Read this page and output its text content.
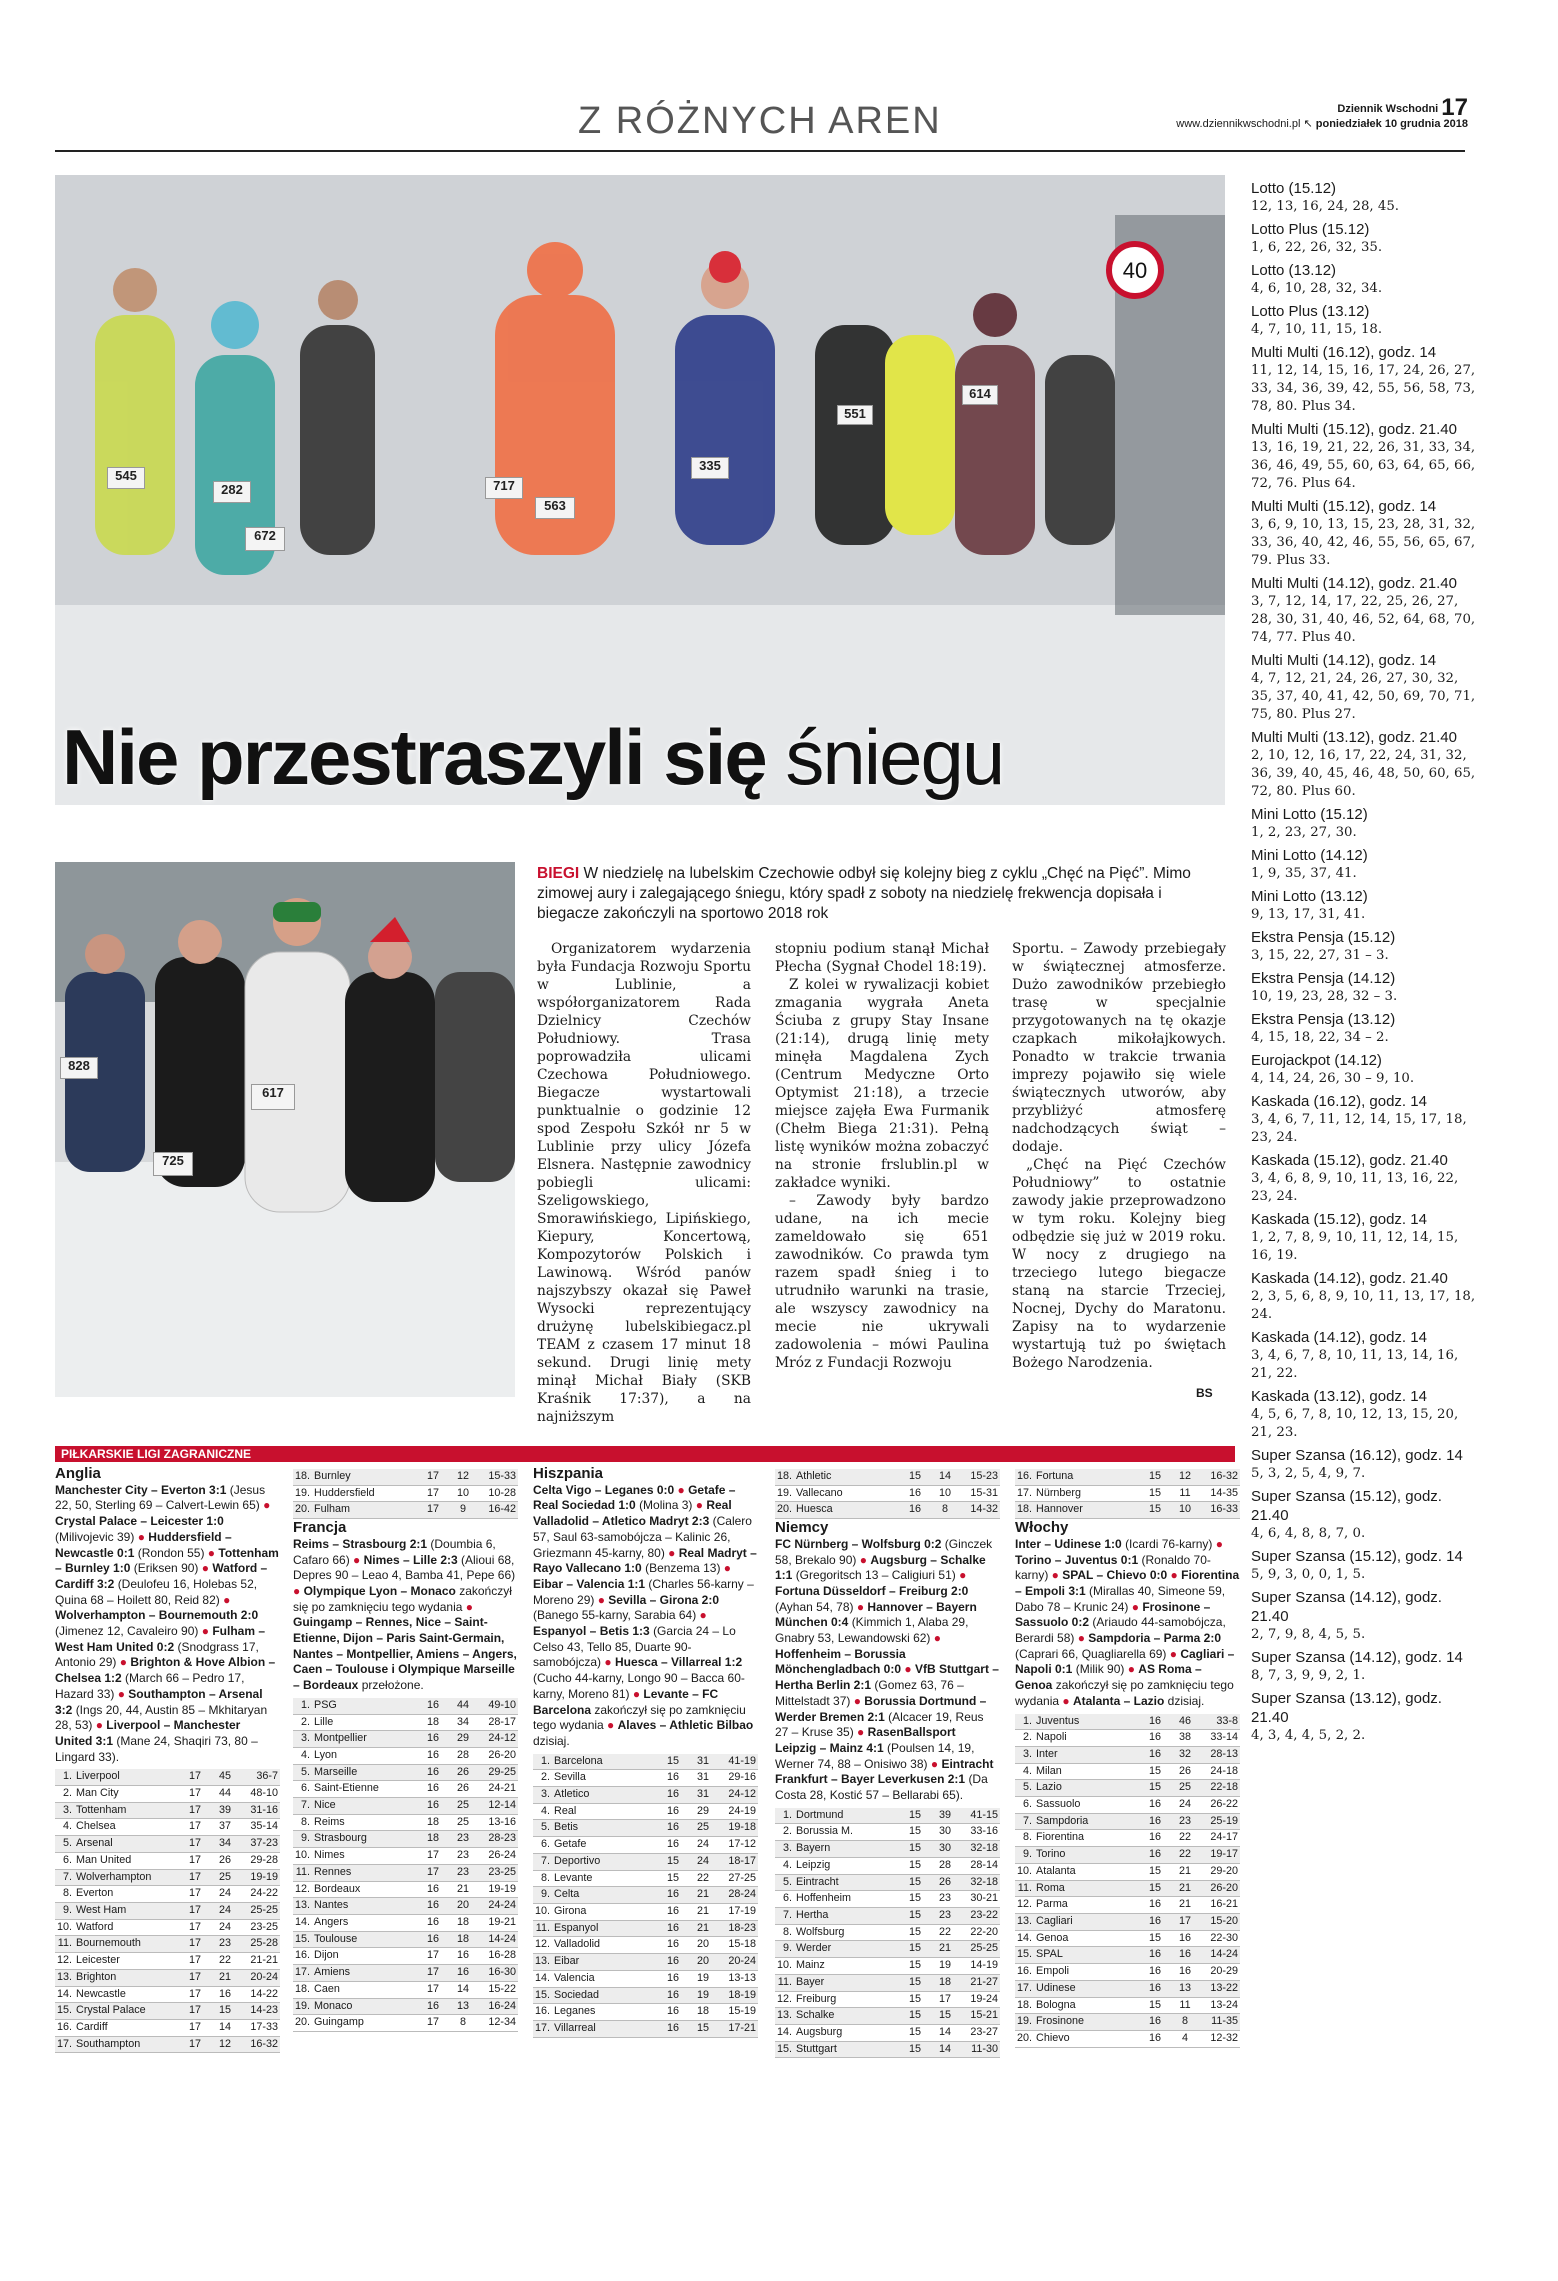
Z RÓŻNYCH AREN	Dziennik Wschodni 17
www.dziennikwschodni.pl ↖ poniedziałek 10 grudnia 2018
40
545
282
672
717
563
335
551
614
Nie przestraszyli się śniegu
828
617
725
BIEGI W niedzielę na lubelskim Czechowie odbył się kolejny bieg z cyklu „Chęć na Pięć”. Mimo zimowej aury i zalegającego śniegu, który spadł z soboty na niedzielę frekwencja dopisała i biegacze zakończyli na sportowo 2018 rok

Organizatorem wydarzenia była Fundacja Rozwoju Sportu w Lublinie, a współorganizatorem Rada Dzielnicy Czechów Południowy. Trasa poprowadziła ulicami Czechowa Południowego. Biegacze wystartowali punktualnie o godzinie 12 spod Zespołu Szkół nr 5 w Lublinie przy ulicy Józefa Elsnera. Następnie zawodnicy pobiegli ulicami: Szeligowskiego, Smorawińskiego, Lipińskiego, Kiepury, Koncertową, Kompozytorów Polskich i Lawinową. Wśród panów najszybszy okazał się Paweł Wysocki reprezentujący drużynę lubelskibiegacz.pl TEAM z czasem 17 minut 18 sekund. Drugi linię mety minął Michał Biały (SKB Kraśnik 17:37), a na najniższym

stopniu podium stanął Michał Płecha (Sygnał Chodel 18:19).

Z kolei w rywalizacji kobiet zmagania wygrała Aneta Ściuba z grupy Stay Insane (21:14), drugą linię mety minęła Magdalena Zych (Centrum Medyczne Orto Optymist 21:18), a trzecie miejsce zajęła Ewa Furmanik (Chełm Biega 21:31). Pełną listę wyników można zobaczyć na stronie frslublin.pl w zakładce wyniki.

– Zawody były bardzo udane, na ich mecie zameldowało się 651 zawodników. Co prawda tym razem spadł śnieg i to utrudniło warunki na trasie, ale wszyscy zawodnicy na mecie nie ukrywali zadowolenia – mówi Paulina Mróz z Fundacji Rozwoju

Sportu. – Zawody przebiegały w świątecznej atmosferze. Dużo zawodników przebiegło trasę w specjalnie przygotowanych na tę okazje czapkach mikołajkowych. Ponadto w trakcie trwania imprezy pojawiło się wiele świątecznych utworów, aby przybliżyć atmosferę nadchodzących świąt – dodaje.

„Chęć na Pięć Czechów Południowy” to ostatnie zawody jakie przeprowadzono w tym roku. Kolejny bieg odbędzie się już w 2019 roku. W nocy z drugiego na trzeciego lutego biegacze staną na starcie Trzeciej, Nocnej, Dychy do Maratonu. Zapisy na to wydarzenie wystartują tuż po świętach Bożego Narodzenia.

BS
Lotto (15.12)
12, 13, 16, 24, 28, 45.
Lotto Plus (15.12)
1, 6, 22, 26, 32, 35.
Lotto (13.12)
4, 6, 10, 28, 32, 34.
Lotto Plus (13.12)
4, 7, 10, 11, 15, 18.
Multi Multi (16.12), godz. 14
11, 12, 14, 15, 16, 17, 24, 26, 27, 33, 34, 36, 39, 42, 55, 56, 58, 73, 78, 80. Plus 34.
Multi Multi (15.12), godz. 21.40
13, 16, 19, 21, 22, 26, 31, 33, 34, 36, 46, 49, 55, 60, 63, 64, 65, 66, 72, 76. Plus 64.
Multi Multi (15.12), godz. 14
3, 6, 9, 10, 13, 15, 23, 28, 31, 32, 33, 36, 40, 42, 46, 55, 56, 65, 67, 79. Plus 33.
Multi Multi (14.12), godz. 21.40
3, 7, 12, 14, 17, 22, 25, 26, 27, 28, 30, 31, 40, 46, 52, 64, 68, 70, 74, 77. Plus 40.
Multi Multi (14.12), godz. 14
4, 7, 12, 21, 24, 26, 27, 30, 32, 35, 37, 40, 41, 42, 50, 69, 70, 71, 75, 80. Plus 27.
Multi Multi (13.12), godz. 21.40
2, 10, 12, 16, 17, 22, 24, 31, 32, 36, 39, 40, 45, 46, 48, 50, 60, 65, 72, 80. Plus 60.
Mini Lotto (15.12)
1, 2, 23, 27, 30.
Mini Lotto (14.12)
1, 9, 35, 37, 41.
Mini Lotto (13.12)
9, 13, 17, 31, 41.
Ekstra Pensja (15.12)
3, 15, 22, 27, 31 – 3.
Ekstra Pensja (14.12)
10, 19, 23, 28, 32 – 3.
Ekstra Pensja (13.12)
4, 15, 18, 22, 34 – 2.
Eurojackpot (14.12)
4, 14, 24, 26, 30 – 9, 10.
Kaskada (16.12), godz. 14
3, 4, 6, 7, 11, 12, 14, 15, 17, 18, 23, 24.
Kaskada (15.12), godz. 21.40
3, 4, 6, 8, 9, 10, 11, 13, 16, 22, 23, 24.
Kaskada (15.12), godz. 14
1, 2, 7, 8, 9, 10, 11, 12, 14, 15, 16, 19.
Kaskada (14.12), godz. 21.40
2, 3, 5, 6, 8, 9, 10, 11, 13, 17, 18, 24.
Kaskada (14.12), godz. 14
3, 4, 6, 7, 8, 10, 11, 13, 14, 16, 21, 22.
Kaskada (13.12), godz. 14
4, 5, 6, 7, 8, 10, 12, 13, 15, 20, 21, 23.
Super Szansa (16.12), godz. 14
5, 3, 2, 5, 4, 9, 7.
Super Szansa (15.12), godz. 21.40
4, 6, 4, 8, 8, 7, 0.
Super Szansa (15.12), godz. 14
5, 9, 3, 0, 0, 1, 5.
Super Szansa (14.12), godz. 21.40
2, 7, 9, 8, 4, 5, 5.
Super Szansa (14.12), godz. 14
8, 7, 3, 9, 9, 2, 1.
Super Szansa (13.12), godz. 21.40
4, 3, 4, 4, 5, 2, 2.
PIŁKARSKIE LIGI ZAGRANICZNE
Anglia
Manchester City – Everton 3:1 (Jesus 22, 50, Sterling 69 – Calvert-Lewin 65) ● Crystal Palace – Leicester 1:0 (Milivojevic 39) ● Huddersfield – Newcastle 0:1 (Rondon 55) ● Tottenham – Burnley 1:0 (Eriksen 90) ● Watford – Cardiff 3:2 (Deulofeu 16, Holebas 52, Quina 68 – Hoilett 80, Reid 82) ● Wolverhampton – Bournemouth 2:0 (Jimenez 12, Cavaleiro 90) ● Fulham – West Ham United 0:2 (Snodgrass 17, Antonio 29) ● Brighton & Hove Albion – Chelsea 1:2 (March 66 – Pedro 17, Hazard 33) ● Southampton – Arsenal 3:2 (Ings 20, 44, Austin 85 – Mkhitaryan 28, 53) ● Liverpool – Manchester United 3:1 (Mane 24, Shaqiri 73, 80 – Lingard 33).
1.	Liverpool	17	45	36-7
2.	Man City	17	44	48-10
3.	Tottenham	17	39	31-16
4.	Chelsea	17	37	35-14
5.	Arsenal	17	34	37-23
6.	Man United	17	26	29-28
7.	Wolverhampton	17	25	19-19
8.	Everton	17	24	24-22
9.	West Ham	17	24	25-25
10.	Watford	17	24	23-25
11.	Bournemouth	17	23	25-28
12.	Leicester	17	22	21-21
13.	Brighton	17	21	20-24
14.	Newcastle	17	16	14-22
15.	Crystal Palace	17	15	14-23
16.	Cardiff	17	14	17-33
17.	Southampton	17	12	16-32
18.	Burnley	17	12	15-33
19.	Huddersfield	17	10	10-28
20.	Fulham	17	9	16-42
Francja
Reims – Strasbourg 2:1 (Doumbia 6, Cafaro 66) ● Nimes – Lille 2:3 (Alioui 68, Depres 90 – Leao 4, Bamba 41, Pepe 66) ● Olympique Lyon – Monaco zakończył się po zamknięciu tego wydania ● Guingamp – Rennes, Nice – Saint-Etienne, Dijon – Paris Saint-Germain, Nantes – Montpellier, Amiens – Angers, Caen – Toulouse i Olympique Marseille – Bordeaux przełożone.
1.	PSG	16	44	49-10
2.	Lille	18	34	28-17
3.	Montpellier	16	29	24-12
4.	Lyon	16	28	26-20
5.	Marseille	16	26	29-25
6.	Saint-Etienne	16	26	24-21
7.	Nice	16	25	12-14
8.	Reims	18	25	13-16
9.	Strasbourg	18	23	28-23
10.	Nimes	17	23	26-24
11.	Rennes	17	23	23-25
12.	Bordeaux	16	21	19-19
13.	Nantes	16	20	24-24
14.	Angers	16	18	19-21
15.	Toulouse	16	18	14-24
16.	Dijon	17	16	16-28
17.	Amiens	17	16	16-30
18.	Caen	17	14	15-22
19.	Monaco	16	13	16-24
20.	Guingamp	17	8	12-34
Hiszpania
Celta Vigo – Leganes 0:0 ● Getafe – Real Sociedad 1:0 (Molina 3) ● Real Valladolid – Atletico Madryt 2:3 (Calero 57, Saul 63-samobójcza – Kalinic 26, Griezmann 45-karny, 80) ● Real Madryt – Rayo Vallecano 1:0 (Benzema 13) ● Eibar – Valencia 1:1 (Charles 56-karny – Moreno 29) ● Sevilla – Girona 2:0 (Banego 55-karny, Sarabia 64) ● Espanyol – Betis 1:3 (Garcia 24 – Lo Celso 43, Tello 85, Duarte 90-samobójcza) ● Huesca – Villarreal 1:2 (Cucho 44-karny, Longo 90 – Bacca 60-karny, Moreno 81) ● Levante – FC Barcelona zakończył się po zamknięciu tego wydania ● Alaves – Athletic Bilbao dzisiaj.
1.	Barcelona	15	31	41-19
2.	Sevilla	16	31	29-16
3.	Atletico	16	31	24-12
4.	Real	16	29	24-19
5.	Betis	16	25	19-18
6.	Getafe	16	24	17-12
7.	Deportivo	15	24	18-17
8.	Levante	15	22	27-25
9.	Celta	16	21	28-24
10.	Girona	16	21	17-19
11.	Espanyol	16	21	18-23
12.	Valladolid	16	20	15-18
13.	Eibar	16	20	20-24
14.	Valencia	16	19	13-13
15.	Sociedad	16	19	18-19
16.	Leganes	16	18	15-19
17.	Villarreal	16	15	17-21
18.	Athletic	15	14	15-23
19.	Vallecano	16	10	15-31
20.	Huesca	16	8	14-32
Niemcy
FC Nürnberg – Wolfsburg 0:2 (Ginczek 58, Brekalo 90) ● Augsburg – Schalke 1:1 (Gregoritsch 13 – Caligiuri 51) ● Fortuna Düsseldorf – Freiburg 2:0 (Ayhan 54, 78) ● Hannover – Bayern München 0:4 (Kimmich 1, Alaba 29, Gnabry 53, Lewandowski 62) ● Hoffenheim – Borussia Mönchengladbach 0:0 ● VfB Stuttgart – Hertha Berlin 2:1 (Gomez 63, 76 – Mittelstadt 37) ● Borussia Dortmund – Werder Bremen 2:1 (Alcacer 19, Reus 27 – Kruse 35) ● RasenBallsport Leipzig – Mainz 4:1 (Poulsen 14, 19, Werner 74, 88 – Onisiwo 38) ● Eintracht Frankfurt – Bayer Leverkusen 2:1 (Da Costa 28, Kostić 57 – Bellarabi 65).
1.	Dortmund	15	39	41-15
2.	Borussia M.	15	30	33-16
3.	Bayern	15	30	32-18
4.	Leipzig	15	28	28-14
5.	Eintracht	15	26	32-18
6.	Hoffenheim	15	23	30-21
7.	Hertha	15	23	23-22
8.	Wolfsburg	15	22	22-20
9.	Werder	15	21	25-25
10.	Mainz	15	19	14-19
11.	Bayer	15	18	21-27
12.	Freiburg	15	17	19-24
13.	Schalke	15	15	15-21
14.	Augsburg	15	14	23-27
15.	Stuttgart	15	14	11-30
16.	Fortuna	15	12	16-32
17.	Nürnberg	15	11	14-35
18.	Hannover	15	10	16-33
Włochy
Inter – Udinese 1:0 (Icardi 76-karny) ● Torino – Juventus 0:1 (Ronaldo 70-karny) ● SPAL – Chievo 0:0 ● Fiorentina – Empoli 3:1 (Mirallas 40, Simeone 59, Dabo 78 – Krunic 24) ● Frosinone – Sassuolo 0:2 (Ariaudo 44-samobójcza, Berardi 58) ● Sampdoria – Parma 2:0 (Caprari 66, Quagliarella 69) ● Cagliari – Napoli 0:1 (Milik 90) ● AS Roma – Genoa zakończył się po zamknięciu tego wydania ● Atalanta – Lazio dzisiaj.
1.	Juventus	16	46	33-8
2.	Napoli	16	38	33-14
3.	Inter	16	32	28-13
4.	Milan	15	26	24-18
5.	Lazio	15	25	22-18
6.	Sassuolo	16	24	26-22
7.	Sampdoria	16	23	25-19
8.	Fiorentina	16	22	24-17
9.	Torino	16	22	19-17
10.	Atalanta	15	21	29-20
11.	Roma	15	21	26-20
12.	Parma	16	21	16-21
13.	Cagliari	16	17	15-20
14.	Genoa	15	16	22-30
15.	SPAL	16	16	14-24
16.	Empoli	16	16	20-29
17.	Udinese	16	13	13-22
18.	Bologna	15	11	13-24
19.	Frosinone	16	8	11-35
20.	Chievo	16	4	12-32
